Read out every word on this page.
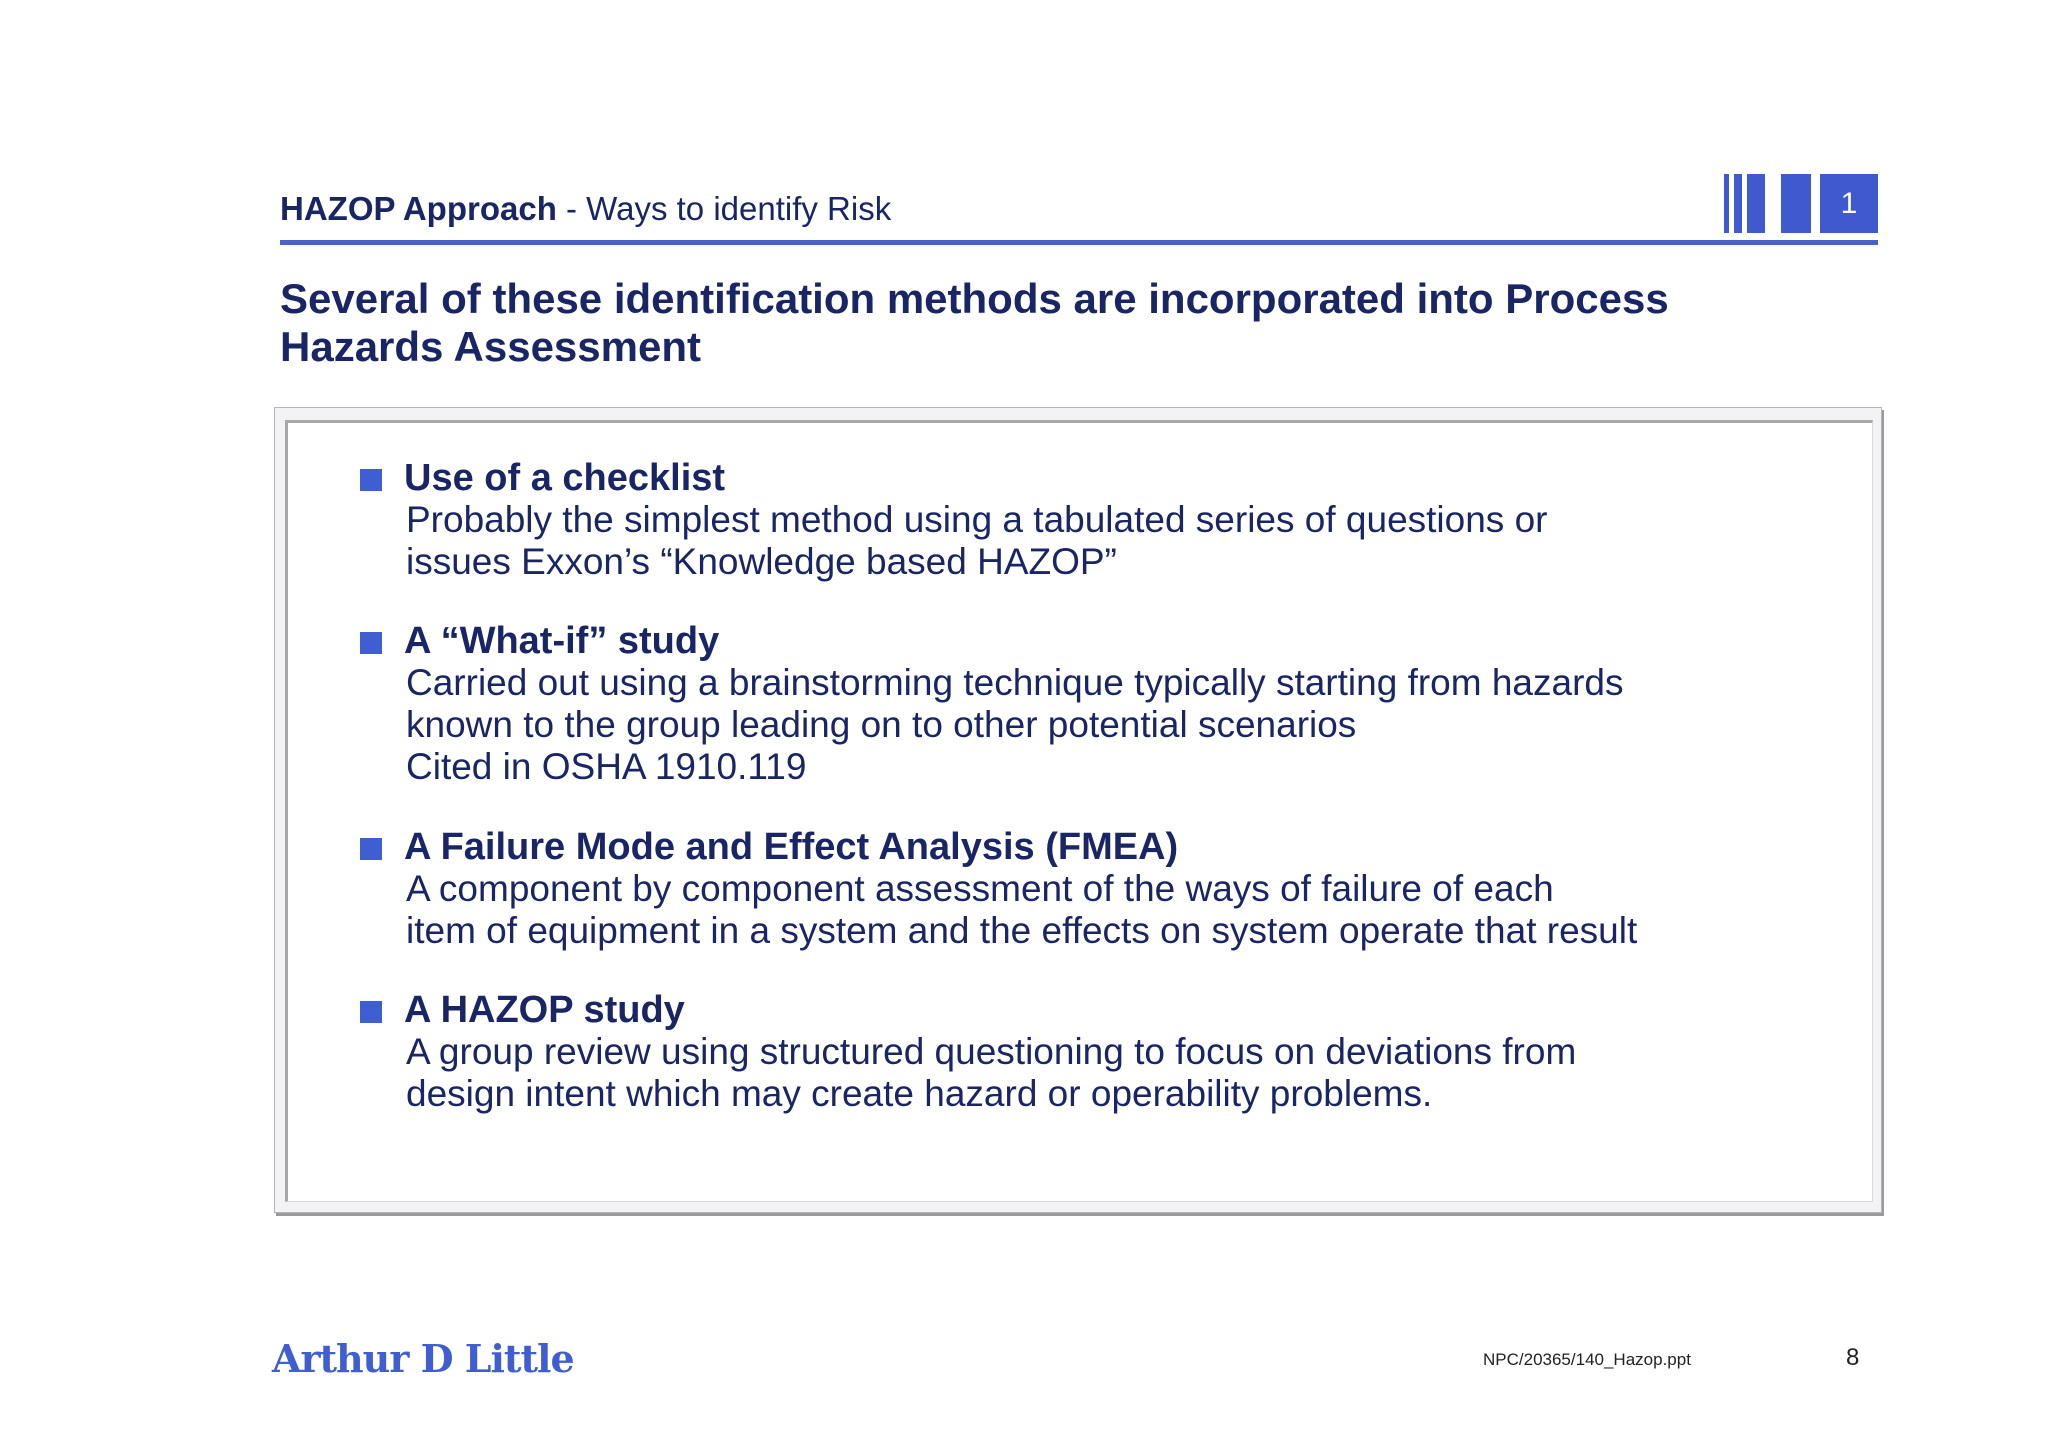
HAZOP Approach - Ways to identify Risk	1
Several of these identification methods are incorporated into Process
Hazards Assessment
Use of a checklist
Probably the simplest method using a tabulated series of questions or
issues Exxon’s “Knowledge based HAZOP”
A “What-if” study
Carried out using a brainstorming technique typically starting from hazards
known to the group leading on to other potential scenarios
Cited in OSHA 1910.119
A Failure Mode and Effect Analysis (FMEA)
A component by component assessment of the ways of failure of each
item of equipment in a system and the effects on system operate that result
A HAZOP study
A group review using structured questioning to focus on deviations from
design intent which may create hazard or operability problems.
Arthur D Little	NPC/20365/140_Hazop.ppt	8
